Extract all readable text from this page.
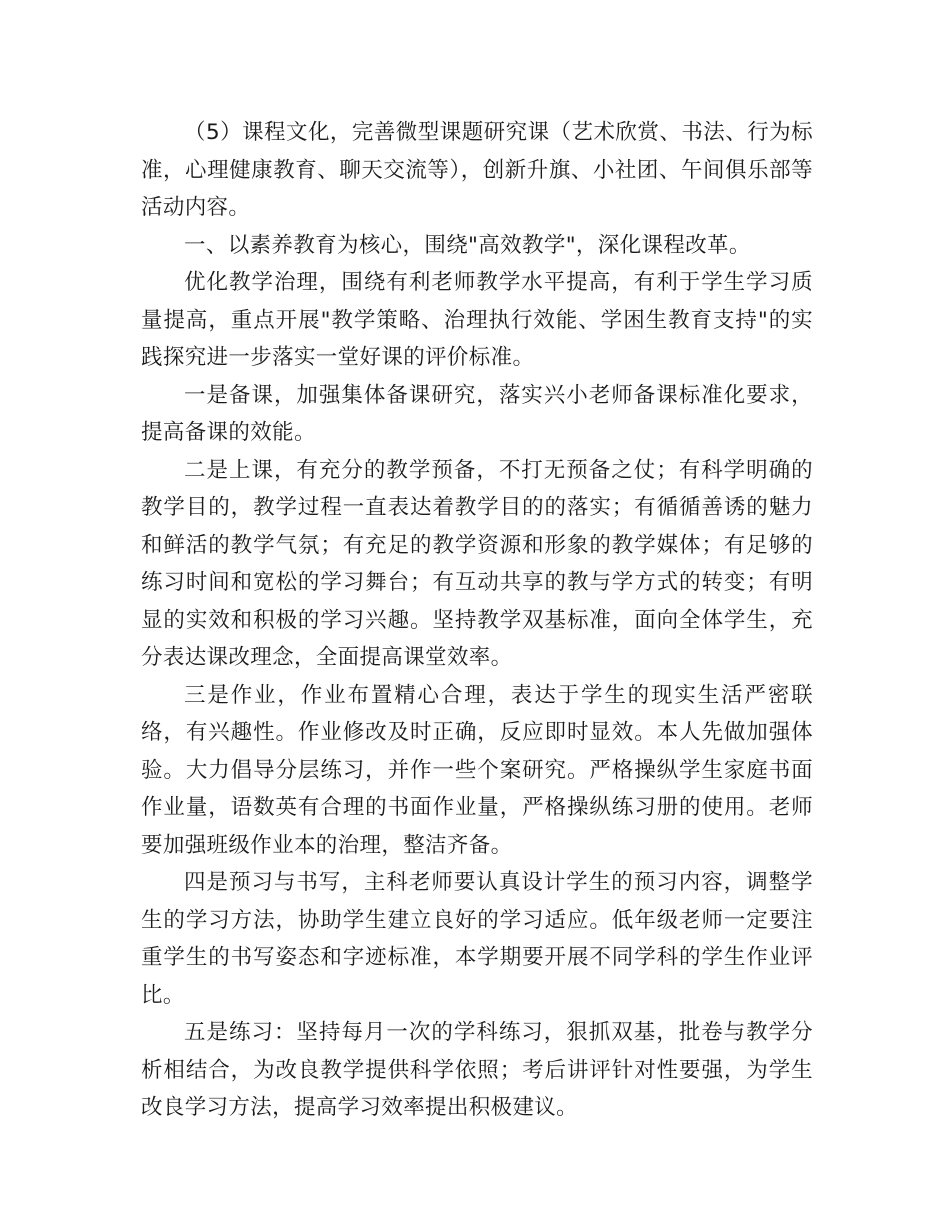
（5）课程文化，完善微型课题研究课（艺术欣赏、书法、行为标准，心理健康教育、聊天交流等），创新升旗、小社团、午间俱乐部等活动内容。

一、以素养教育为核心，围绕"高效教学"，深化课程改革。

优化教学治理，围绕有利老师教学水平提高，有利于学生学习质量提高，重点开展"教学策略、治理执行效能、学困生教育支持"的实践探究进一步落实一堂好课的评价标准。

一是备课，加强集体备课研究，落实兴小老师备课标准化要求，提高备课的效能。

二是上课，有充分的教学预备，不打无预备之仗；有科学明确的教学目的，教学过程一直表达着教学目的的落实；有循循善诱的魅力和鲜活的教学气氛；有充足的教学资源和形象的教学媒体；有足够的练习时间和宽松的学习舞台；有互动共享的教与学方式的转变；有明显的实效和积极的学习兴趣。坚持教学双基标准，面向全体学生，充分表达课改理念，全面提高课堂效率。

三是作业，作业布置精心合理，表达于学生的现实生活严密联络，有兴趣性。作业修改及时正确，反应即时显效。本人先做加强体验。大力倡导分层练习，并作一些个案研究。严格操纵学生家庭书面作业量，语数英有合理的书面作业量，严格操纵练习册的使用。老师要加强班级作业本的治理，整洁齐备。

四是预习与书写，主科老师要认真设计学生的预习内容，调整学生的学习方法，协助学生建立良好的学习适应。低年级老师一定要注重学生的书写姿态和字迹标准，本学期要开展不同学科的学生作业评比。

五是练习：坚持每月一次的学科练习，狠抓双基，批卷与教学分析相结合，为改良教学提供科学依照；考后讲评针对性要强，为学生改良学习方法，提高学习效率提出积极建议。
